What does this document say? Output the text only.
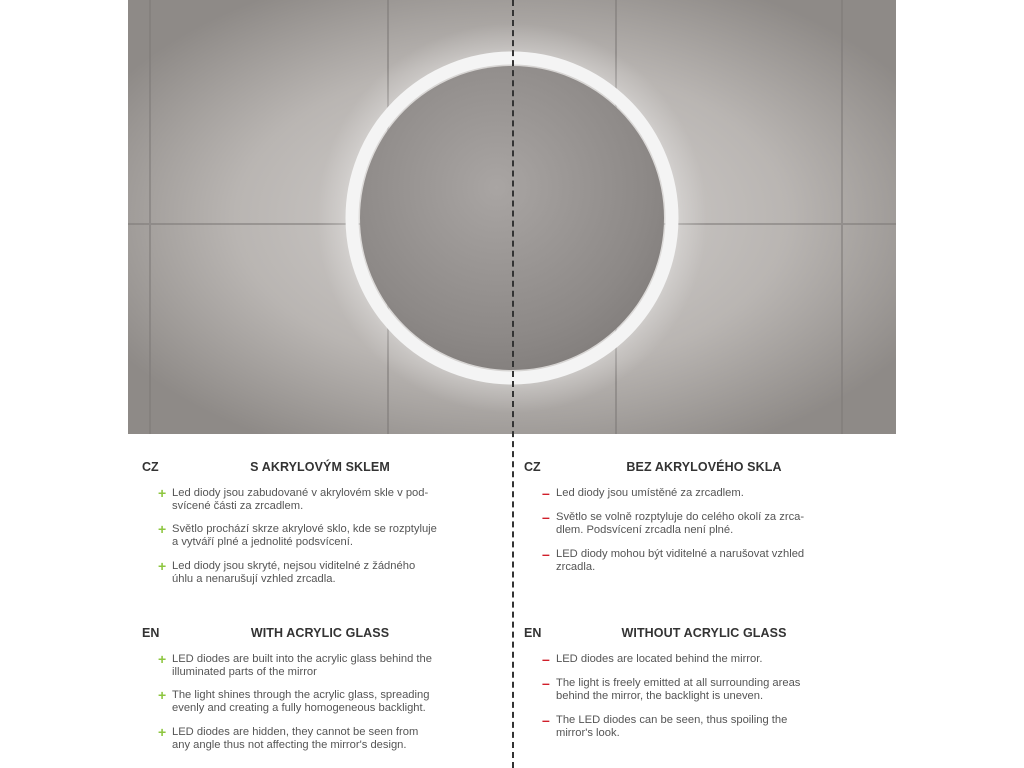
CZ	S AKRYLOVÝM SKLEM
+ Led diody jsou zabudované v akrylovém skle v pod-
svícené části za zrcadlem.
+ Světlo prochází skrze akrylové sklo, kde se rozptyluje
a vytváří plné a jednolité podsvícení.
+ Led diody jsou skryté, nejsou viditelné z žádného
úhlu a nenarušují vzhled zrcadla.
EN	WITH ACRYLIC GLASS
+ LED diodes are built into the acrylic glass behind the
illuminated parts of the mirror
+ The light shines through the acrylic glass, spreading
evenly and creating a fully homogeneous backlight.
+ LED diodes are hidden, they cannot be seen from
any angle thus not affecting the mirror's design.
CZ	BEZ AKRYLOVÉHO SKLA
– Led diody jsou umístěné za zrcadlem.
– Světlo se volně rozptyluje do celého okolí za zrca-
dlem. Podsvícení zrcadla není plné.
– LED diody mohou být viditelné a narušovat vzhled
zrcadla.
EN	WITHOUT ACRYLIC GLASS
– LED diodes are located behind the mirror.
– The light is freely emitted at all surrounding areas
behind the mirror, the backlight is uneven.
– The LED diodes can be seen, thus spoiling the
mirror's look.
